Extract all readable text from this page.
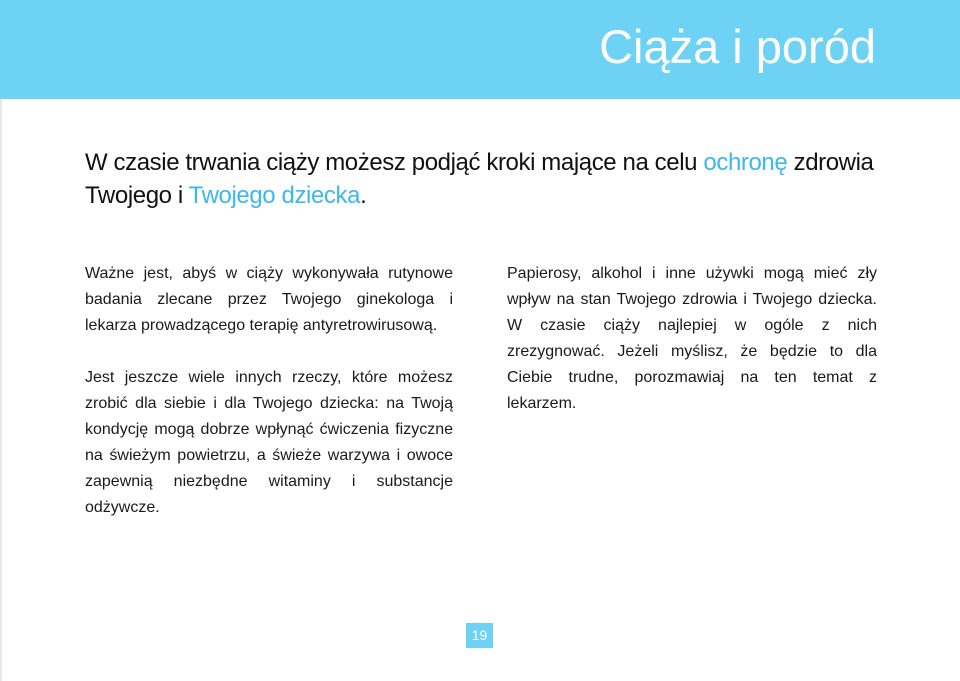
Ciąża i poród
W czasie trwania ciąży możesz podjąć kroki mające na celu ochronę zdrowia Twojego i Twojego dziecka.

Ważne jest, abyś w ciąży wykonywała rutynowe badania zlecane przez Twojego ginekologa i lekarza prowadzącego terapię antyretrowirusową.

Jest jeszcze wiele innych rzeczy, które możesz zrobić dla siebie i dla Twojego dziecka: na Twoją kondycję mogą dobrze wpłynąć ćwiczenia fizyczne na świeżym powietrzu, a świeże warzywa i owoce zapewnią niezbędne witaminy i substancje odżywcze.

Papierosy, alkohol i inne używki mogą mieć zły wpływ na stan Twojego zdrowia i Twojego dziecka. W czasie ciąży najlepiej w ogóle z nich zrezygnować. Jeżeli myślisz, że będzie to dla Ciebie trudne, porozmawiaj na ten temat z lekarzem.

19
